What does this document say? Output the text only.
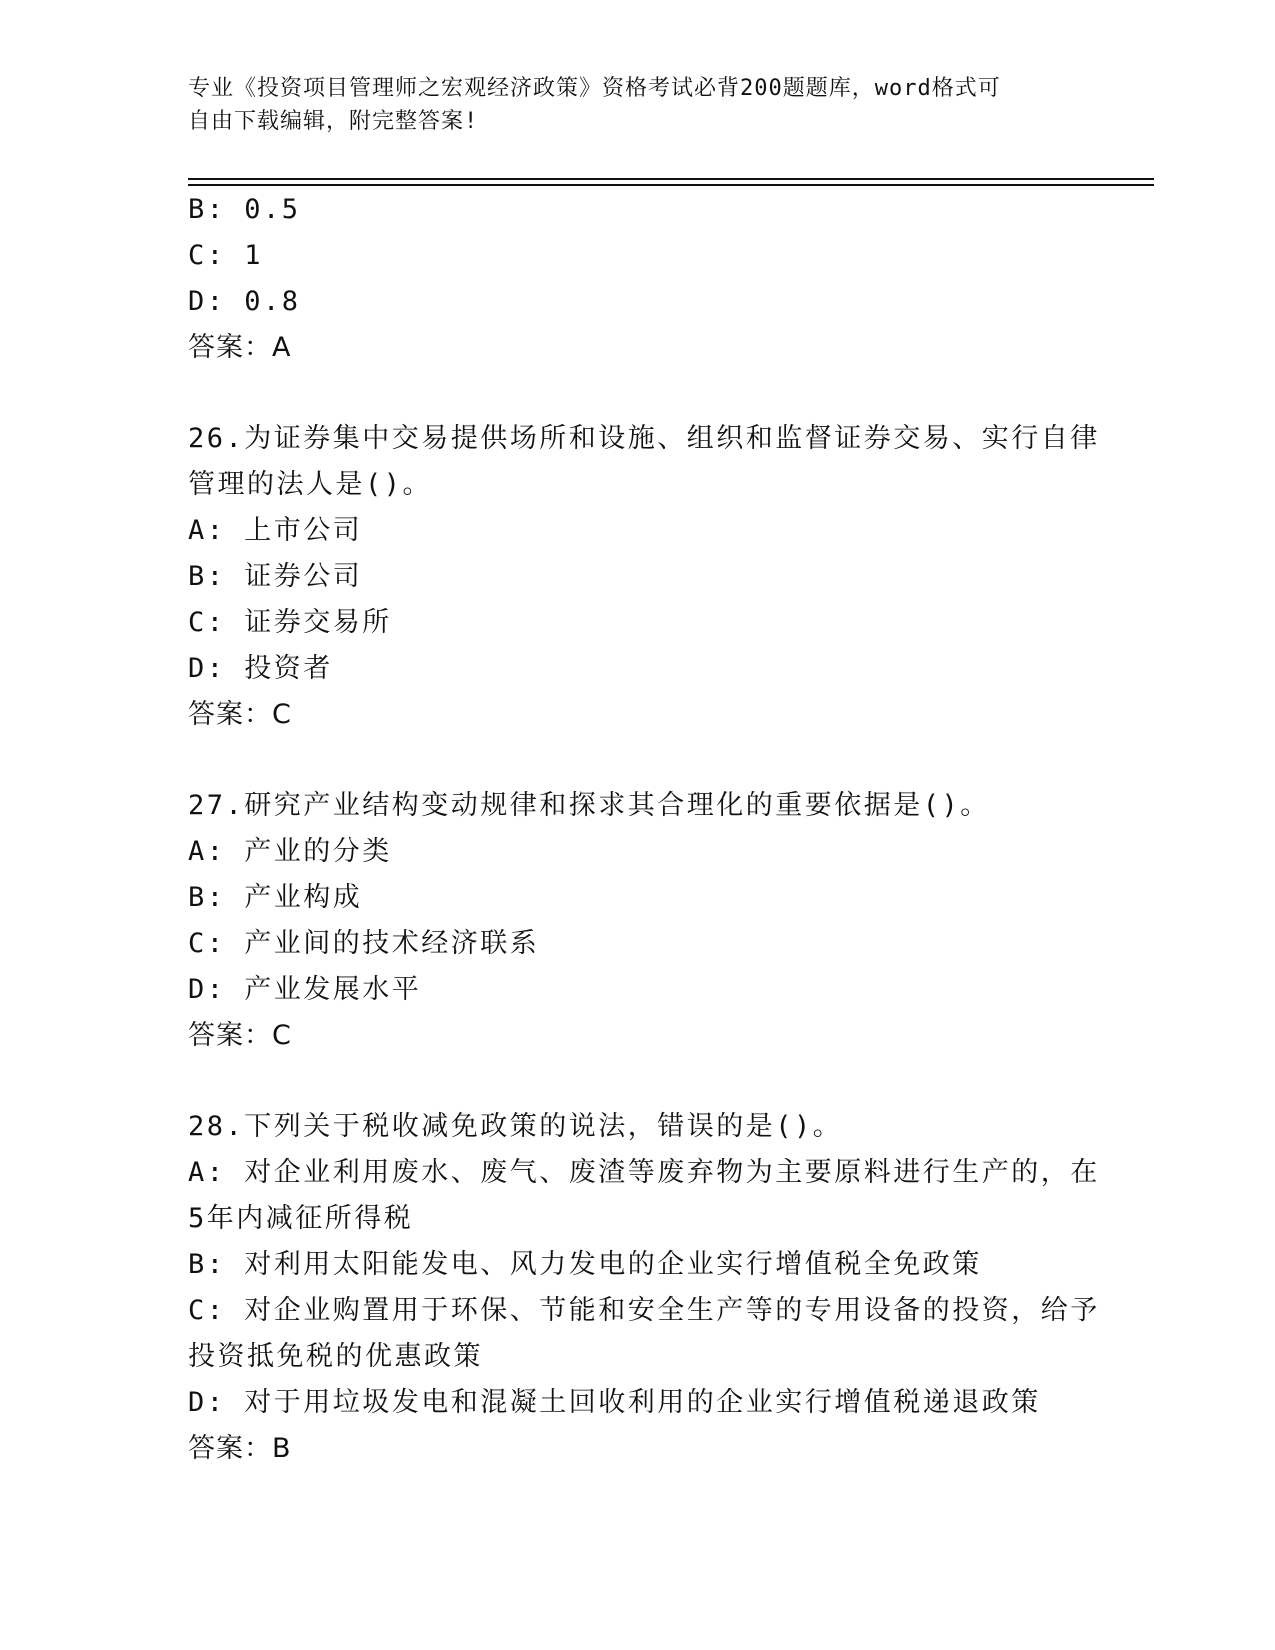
专业《投资项目管理师之宏观经济政策》资格考试必背200题题库，word格式可
自由下载编辑，附完整答案!
B: 0.5
C: 1
D: 0.8
答案：A
26.为证券集中交易提供场所和设施、组织和监督证券交易、实行自律
管理的法人是()。
A: 上市公司
B: 证券公司
C: 证券交易所
D: 投资者
答案：C
27.研究产业结构变动规律和探求其合理化的重要依据是()。
A: 产业的分类
B: 产业构成
C: 产业间的技术经济联系
D: 产业发展水平
答案：C
28.下列关于税收减免政策的说法，错误的是()。
A: 对企业利用废水、废气、废渣等废弃物为主要原料进行生产的，在
5年内减征所得税
B: 对利用太阳能发电、风力发电的企业实行增值税全免政策
C: 对企业购置用于环保、节能和安全生产等的专用设备的投资，给予
投资抵免税的优惠政策
D: 对于用垃圾发电和混凝土回收利用的企业实行增值税递退政策
答案：B
